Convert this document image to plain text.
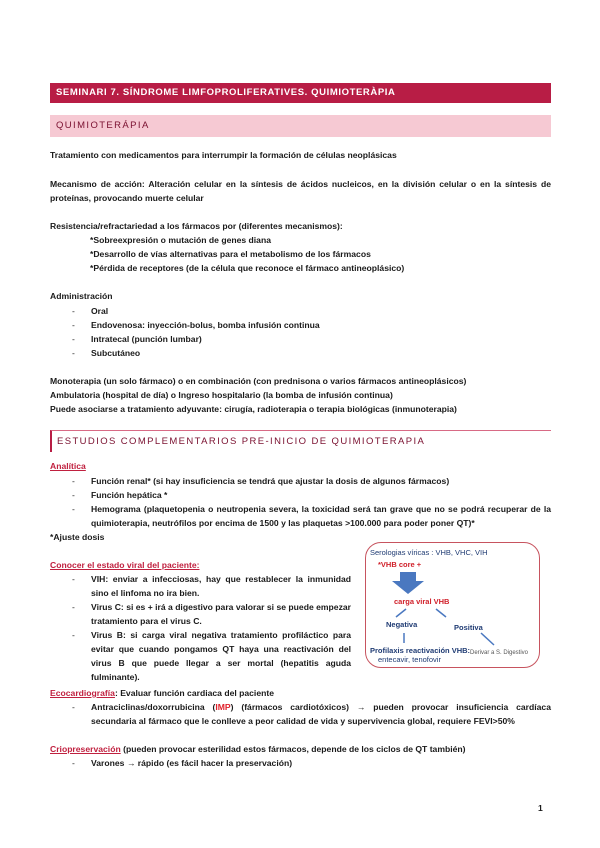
SEMINARI 7. SÍNDROME LIMFOPROLIFERATIVES. QUIMIOTERÀPIA
QUIMIOTERÁPIA
Tratamiento con medicamentos para interrumpir la formación de células neoplásicas
Mecanismo de acción: Alteración celular en la síntesis de ácidos nucleicos, en la división celular o en la síntesis de proteínas, provocando muerte celular
Resistencia/refractariedad a los fármacos por (diferentes mecanismos):
*Sobreexpresión o mutación de genes diana
*Desarrollo de vías alternativas para el metabolismo de los fármacos
*Pérdida de receptores (de la célula que reconoce el fármaco antineoplásico)
Administración
- Oral
- Endovenosa: inyección-bolus, bomba infusión continua
- Intratecal (punción lumbar)
- Subcutáneo
Monoterapia (un solo fármaco) o en combinación (con prednisona o varios fármacos antineoplásicos)
Ambulatoria (hospital de día) o Ingreso hospitalario (la bomba de infusión continua)
Puede asociarse a tratamiento adyuvante: cirugía, radioterapia o terapia biológicas (inmunoterapia)
ESTUDIOS COMPLEMENTARIOS PRE-INICIO DE QUIMIOTERAPIA
Analítica
- Función renal* (si hay insuficiencia se tendrá que ajustar la dosis de algunos fármacos)
- Función hepática *
- Hemograma (plaquetopenia o neutropenia severa, la toxicidad será tan grave que no se podrá recuperar de la quimioterapia, neutrófilos por encima de 1500 y las plaquetas >100.000 para poder poner QT)*
*Ajuste dosis
Conocer el estado viral del paciente:
- VIH: enviar a infecciosas, hay que restablecer la inmunidad sino el linfoma no ira bien.
- Virus C: si es + irá a digestivo para valorar si se puede empezar tratamiento para el virus C.
- Virus B: si carga viral negativa tratamiento profiláctico para evitar que cuando pongamos QT haya una reactivación del virus B que puede llegar a ser mortal (hepatitis aguda fulminante).
Serologias víricas : VHB, VHC, VIH
*VHB core +
carga viral VHB
Negativa	Positiva
Profilaxis reactivación VHB:
entecavir, tenofovir
Derivar a S. Digestivo
Ecocardiografía: Evaluar función cardiaca del paciente
- Antraciclinas/doxorrubicina (IMP) (fármacos cardiotóxicos) → pueden provocar insuficiencia cardíaca secundaria al fármaco que le conlleve a peor calidad de vida y supervivencia global, requiere FEVI>50%
Criopreservación (pueden provocar esterilidad estos fármacos, depende de los ciclos de QT también)
- Varones → rápido (es fácil hacer la preservación)
1
